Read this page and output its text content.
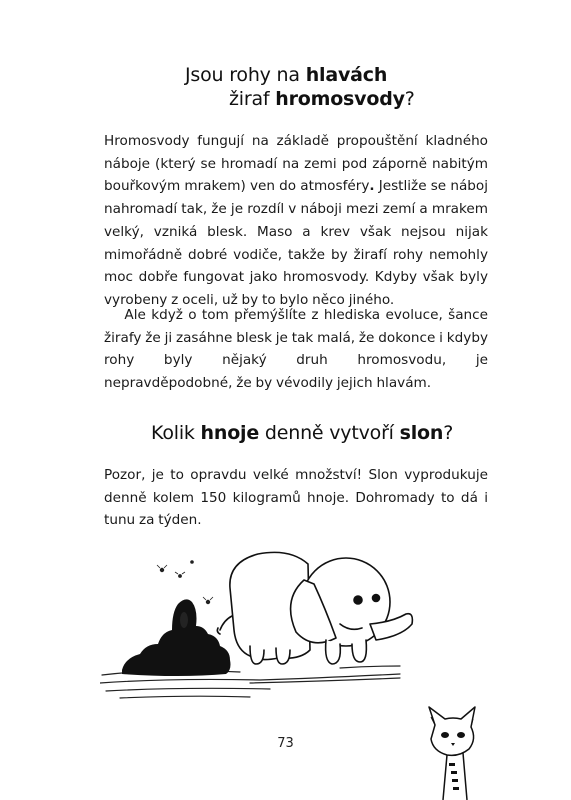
Jsou rohy na hlavách
žiraf hromosvody?

Hromosvody fungují na základě propouštění kladného náboje (který se hromadí na zemi pod záporně nabitým bouřkovým mrakem) ven do atmosféry. Jestliže se náboj nahromadí tak, že je rozdíl v náboji mezi zemí a mrakem velký, vzniká blesk. Maso a krev však nejsou nijak mimořádně dobré vodiče, takže by žirafí rohy nemohly moc dobře fungovat jako hromosvody. Kdyby však byly vyrobeny z oceli, už by to bylo něco jiného.

  Ale když o tom přemýšlíte z hlediska evoluce, šance žirafy že ji zasáhne blesk je tak malá, že dokonce i kdyby rohy byly nějaký druh hromosvodu, je nepravděpodobné, že by vévodily jejich hlavám.

Kolik hnoje denně vytvoří slon?

Pozor, je to opravdu velké množství! Slon vyprodukuje denně kolem 150 kilogramů hnoje. Dohromady to dá i tunu za týden.

73
